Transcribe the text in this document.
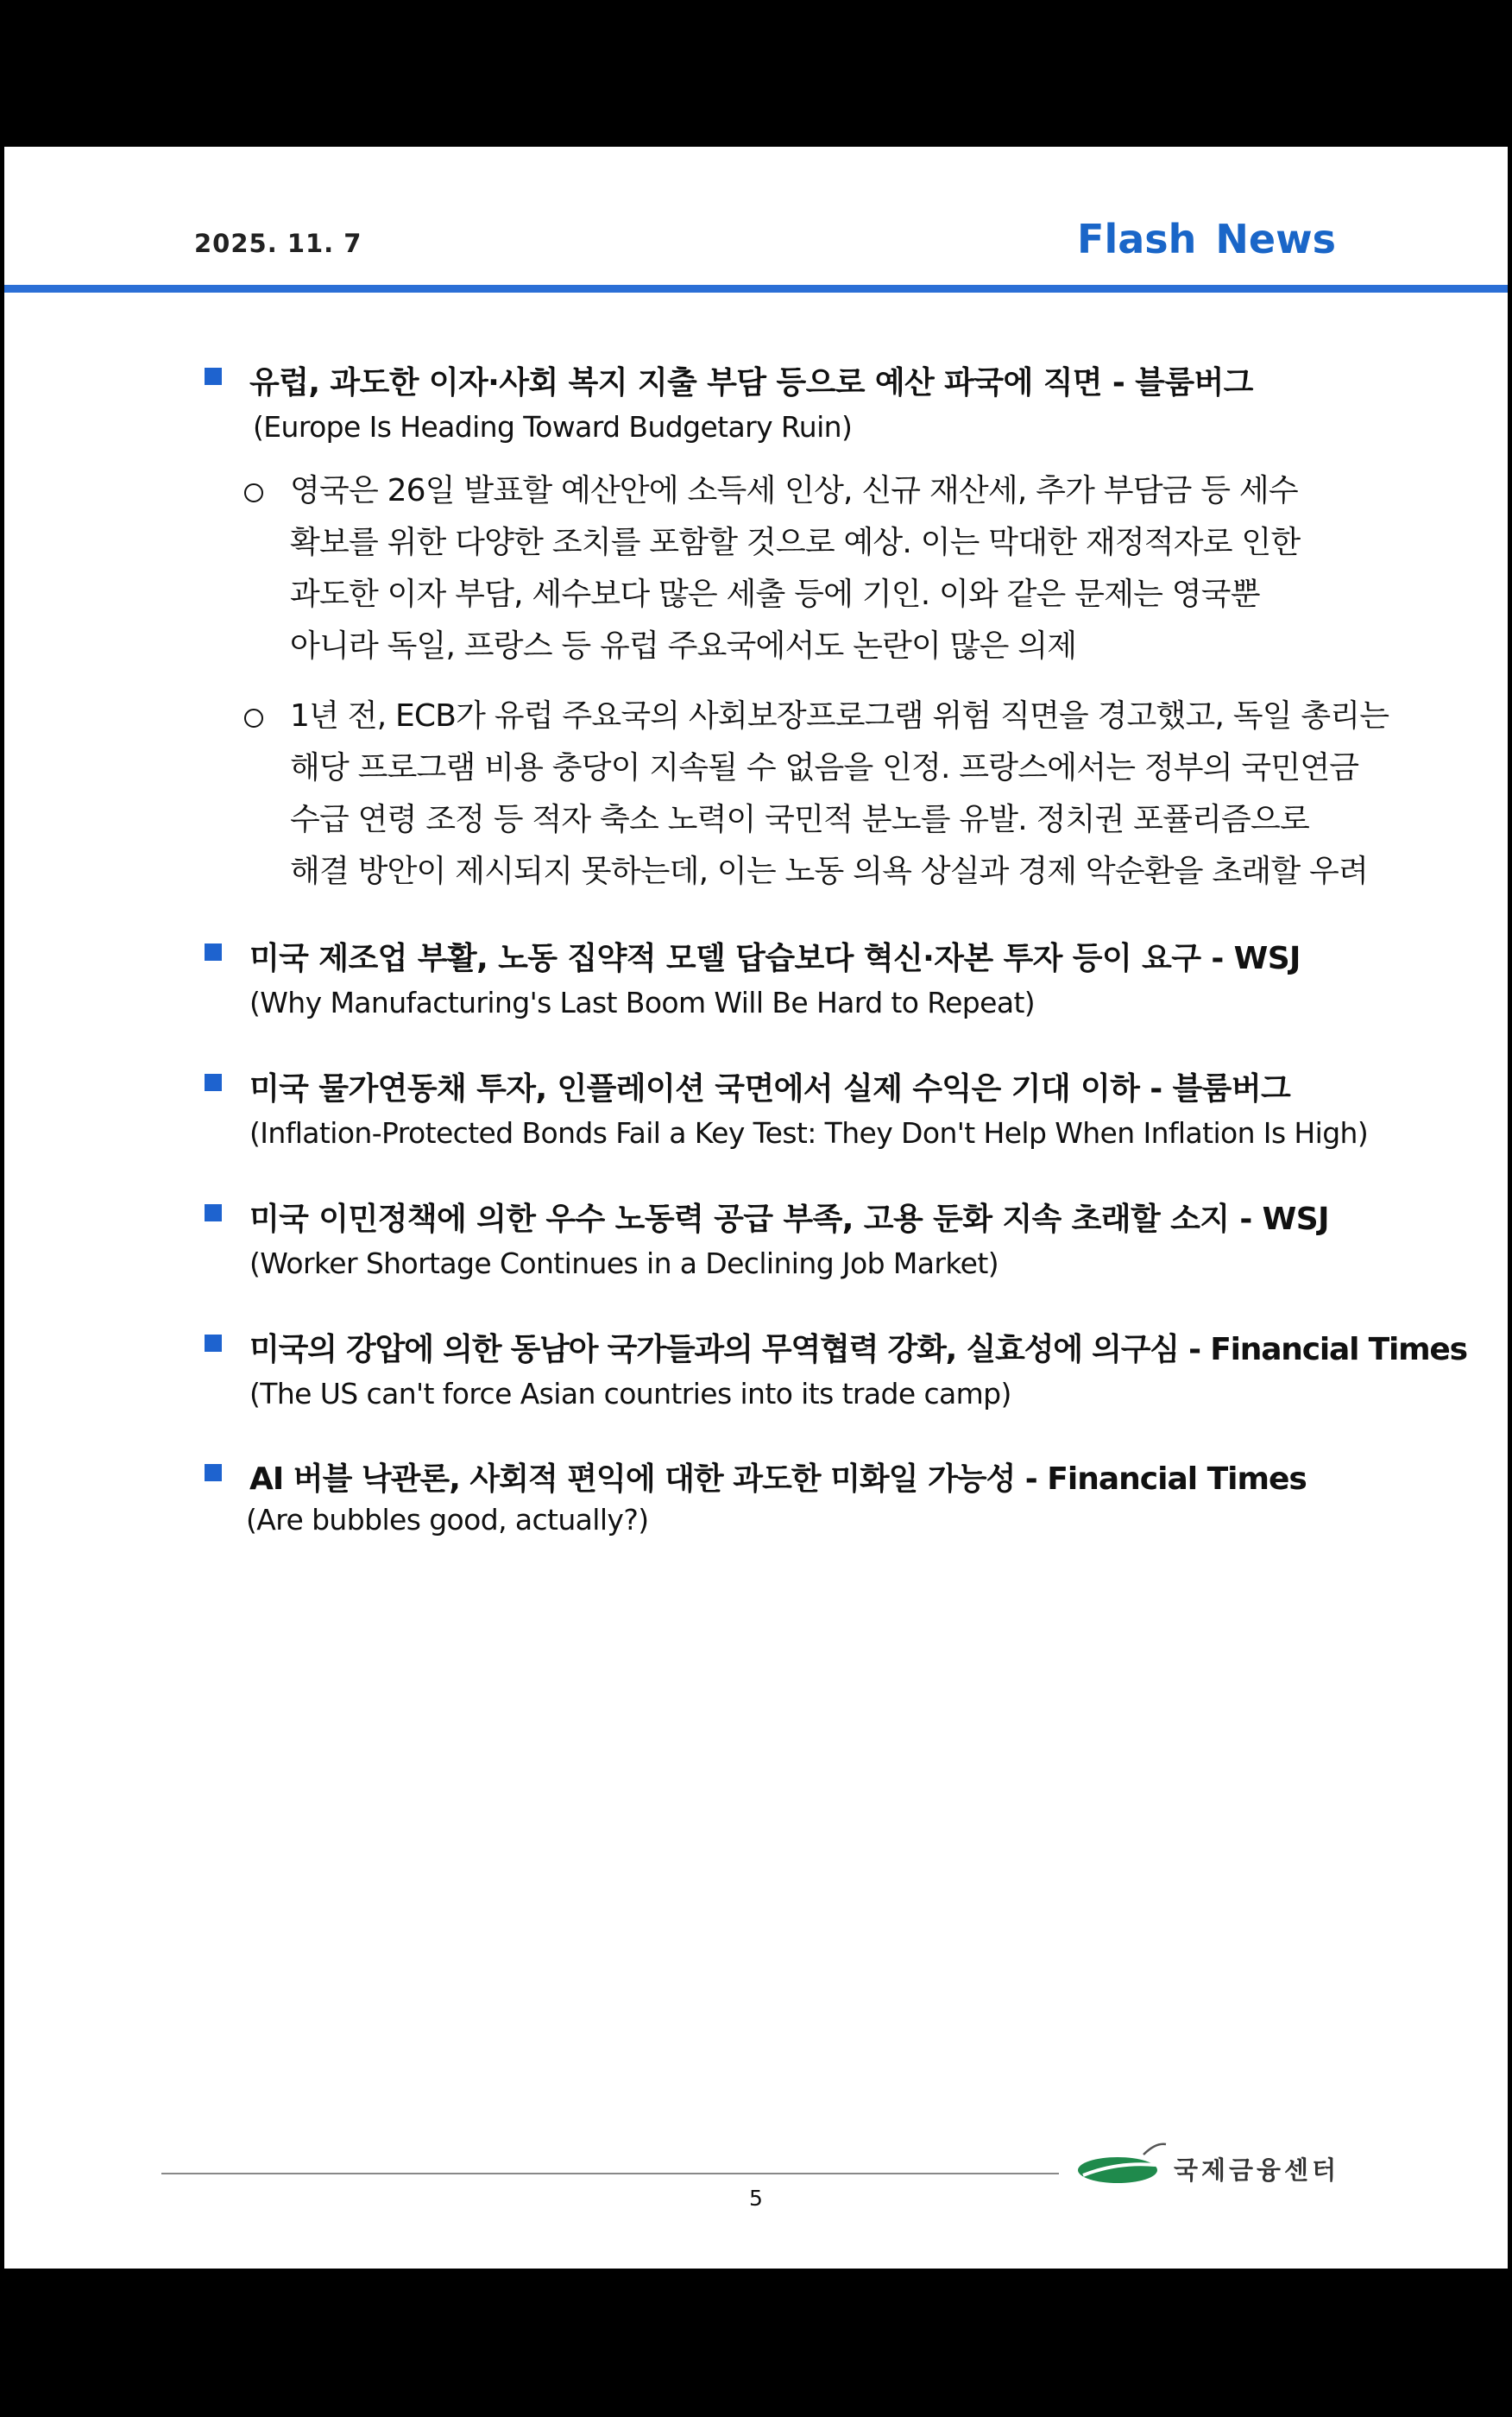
2025. 11. 7	Flash News
유럽, 과도한 이자·사회 복지 지출 부담 등으로 예산 파국에 직면 - 블룸버그
(Europe Is Heading Toward Budgetary Ruin)
영국은 26일 발표할 예산안에 소득세 인상, 신규 재산세, 추가 부담금 등 세수
확보를 위한 다양한 조치를 포함할 것으로 예상. 이는 막대한 재정적자로 인한
과도한 이자 부담, 세수보다 많은 세출 등에 기인. 이와 같은 문제는 영국뿐
아니라 독일, 프랑스 등 유럽 주요국에서도 논란이 많은 의제
1년 전, ECB가 유럽 주요국의 사회보장프로그램 위험 직면을 경고했고, 독일 총리는
해당 프로그램 비용 충당이 지속될 수 없음을 인정. 프랑스에서는 정부의 국민연금
수급 연령 조정 등 적자 축소 노력이 국민적 분노를 유발. 정치권 포퓰리즘으로
해결 방안이 제시되지 못하는데, 이는 노동 의욕 상실과 경제 악순환을 초래할 우려
미국 제조업 부활, 노동 집약적 모델 답습보다 혁신·자본 투자 등이 요구 - WSJ
(Why Manufacturing's Last Boom Will Be Hard to Repeat)
미국 물가연동채 투자, 인플레이션 국면에서 실제 수익은 기대 이하 - 블룸버그
(Inflation-Protected Bonds Fail a Key Test: They Don't Help When Inflation Is High)
미국 이민정책에 의한 우수 노동력 공급 부족, 고용 둔화 지속 초래할 소지 - WSJ
(Worker Shortage Continues in a Declining Job Market)
미국의 강압에 의한 동남아 국가들과의 무역협력 강화, 실효성에 의구심 - Financial Times
(The US can't force Asian countries into its trade camp)
AI 버블 낙관론, 사회적 편익에 대한 과도한 미화일 가능성 - Financial Times
(Are bubbles good, actually?)
5
국제금융센터
